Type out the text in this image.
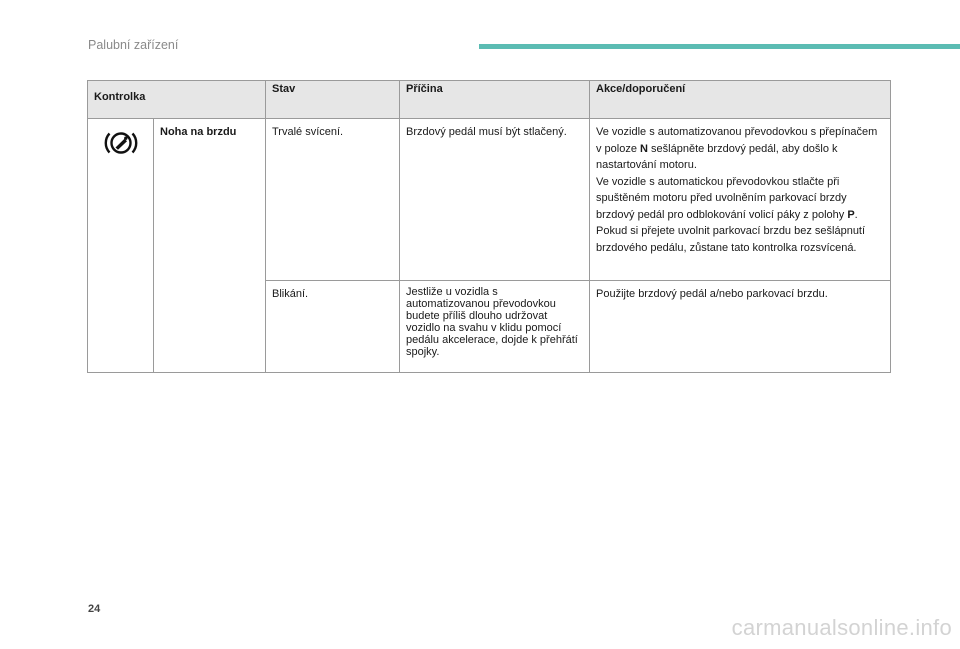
Palubní zařízení
Kontrolka		Stav	Příčina	Akce/doporučení
	Noha na brzdu	Trvalé svícení.	Brzdový pedál musí být stlačený.	Ve vozidle s automatizovanou převodovkou s přepínačem v poloze N sešlápněte brzdový pedál, aby došlo k nastartování motoru.
Ve vozidle s automatickou převodovkou stlačte při spuštěném motoru před uvolněním parkovací brzdy brzdový pedál pro odblokování volicí páky z polohy P.
Pokud si přejete uvolnit parkovací brzdu bez sešlápnutí brzdového pedálu, zůstane tato kontrolka rozsvícená.
		Blikání.	Jestliže u vozidla s automatizovanou převodovkou budete příliš dlouho udržovat vozidlo na svahu v klidu pomocí pedálu akcelerace, dojde k přehřátí spojky.	Použijte brzdový pedál a/nebo parkovací brzdu.
24
carmanualsonline.info
